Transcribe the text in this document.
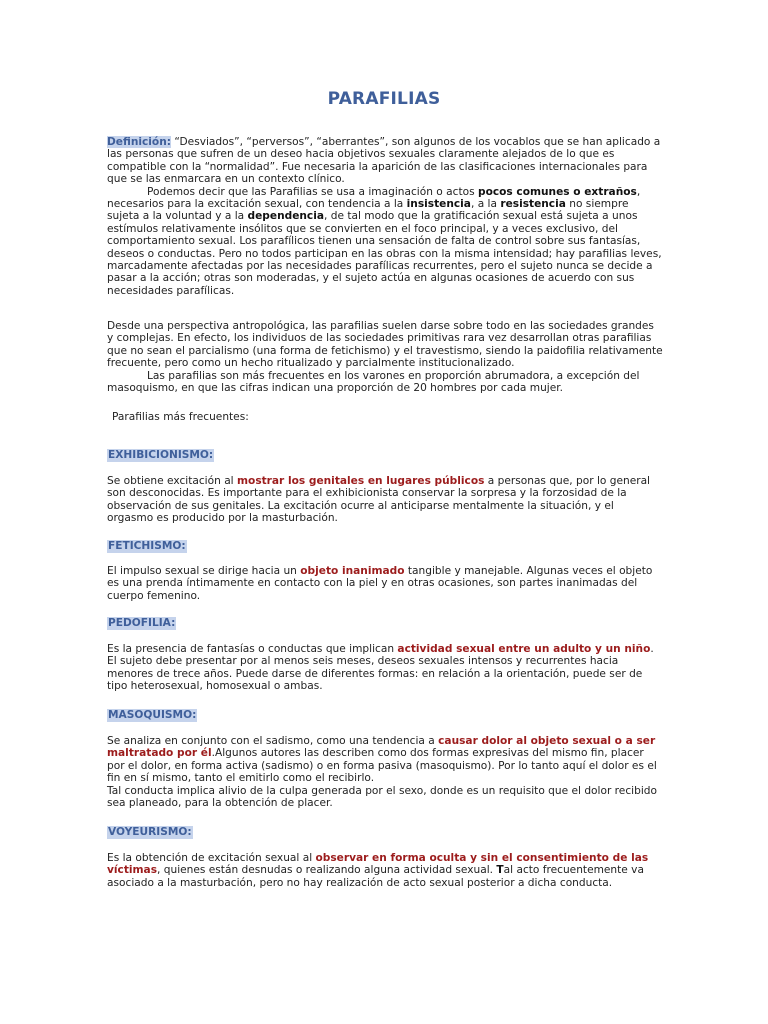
PARAFILIAS

Definición: “Desviados”, “perversos”, “aberrantes”, son algunos de los vocablos que se han aplicado a las personas que sufren de un deseo hacia objetivos sexuales claramente alejados de lo que es compatible con la “normalidad”. Fue necesaria la aparición de las clasificaciones internacionales para que se las enmarcara en un contexto clínico.

Podemos decir que las Parafilias se usa a imaginación o actos pocos comunes o extraños, necesarios para la excitación sexual, con tendencia a la insistencia, a la resistencia no siempre sujeta a la voluntad y a la dependencia, de tal modo que la gratificación sexual está sujeta a unos estímulos relativamente insólitos que se convierten en el foco principal, y a veces exclusivo, del comportamiento sexual. Los parafílicos tienen una sensación de falta de control sobre sus fantasías, deseos o conductas. Pero no todos participan en las obras con la misma intensidad; hay parafilias leves, marcadamente afectadas por las necesidades parafílicas recurrentes, pero el sujeto nunca se decide a pasar a la acción; otras son moderadas, y el sujeto actúa en algunas ocasiones de acuerdo con sus necesidades parafílicas.

Desde una perspectiva antropológica, las parafilias suelen darse sobre todo en las sociedades grandes y complejas. En efecto, los individuos de las sociedades primitivas rara vez desarrollan otras parafilias que no sean el parcialismo (una forma de fetichismo) y el travestismo, siendo la paidofilia relativamente frecuente, pero como un hecho ritualizado y parcialmente institucionalizado.

Las parafilias son más frecuentes en los varones en proporción abrumadora, a excepción del masoquismo, en que las cifras indican una proporción de 20 hombres por cada mujer.

Parafilias más frecuentes:
EXHIBICIONISMO:

Se obtiene excitación al mostrar los genitales en lugares públicos a personas que, por lo general son desconocidas. Es importante para el exhibicionista conservar la sorpresa y la forzosidad de la observación de sus genitales. La excitación ocurre al anticiparse mentalmente la situación, y el orgasmo es producido por la masturbación.

FETICHISMO:

El impulso sexual se dirige hacia un objeto inanimado tangible y manejable. Algunas veces el objeto es una prenda íntimamente en contacto con la piel y en otras ocasiones, son partes inanimadas del cuerpo femenino.

PEDOFILIA:

Es la presencia de fantasías o conductas que implican actividad sexual entre un adulto y un niño. El sujeto debe presentar por al menos seis meses, deseos sexuales intensos y recurrentes hacia menores de trece años. Puede darse de diferentes formas: en relación a la orientación, puede ser de tipo heterosexual, homosexual o ambas.

MASOQUISMO:

Se analiza en conjunto con el sadismo, como una tendencia a causar dolor al objeto sexual o a ser maltratado por él.Algunos autores las describen como dos formas expresivas del mismo fin, placer por el dolor, en forma activa (sadismo) o en forma pasiva (masoquismo). Por lo tanto aquí el dolor es el fin en sí mismo, tanto el emitirlo como el recibirlo.

Tal conducta implica alivio de la culpa generada por el sexo, donde es un requisito que el dolor recibido sea planeado, para la obtención de placer.

VOYEURISMO:

Es la obtención de excitación sexual al observar en forma oculta y sin el consentimiento de las víctimas, quienes están desnudas o realizando alguna actividad sexual. Tal acto frecuentemente va asociado a la masturbación, pero no hay realización de acto sexual posterior a dicha conducta.
